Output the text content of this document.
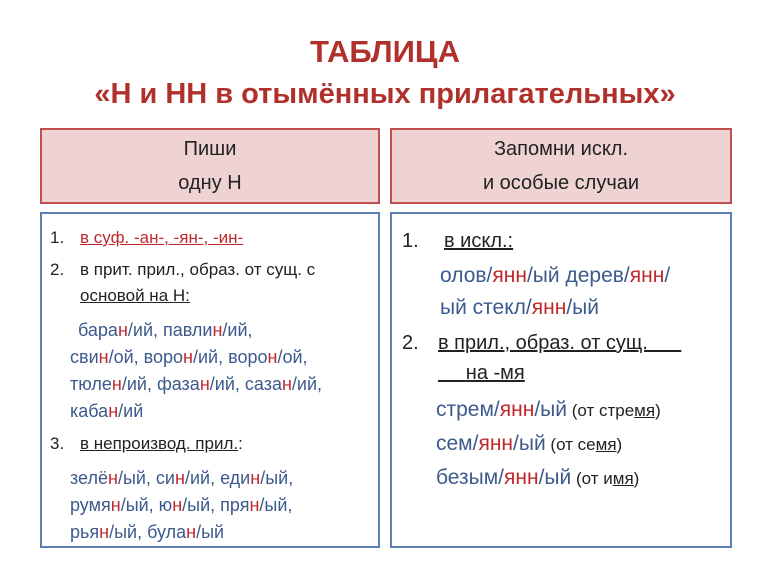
ТАБЛИЦА
«Н и НН в отымённых прилагательных»
Пиши
одну Н
Запомни искл.
и особые случаи
1. в суф. -ан-, -ян-, -ин-
2. в прит. прил., образ. от сущ. с
основой на Н:
баран/ий, павлин/ий,
свин/ой, ворон/ий, ворон/ой,
тюлен/ий, фазан/ий, сазан/ий,
кабан/ий
3. в непроизвод. прил.:
зелён/ый, син/ий, един/ый,
румян/ый, юн/ый, прян/ый,
рьян/ый, булан/ый
1. в искл.:
олов/янн/ый дерев/янн/
ый стекл/янн/ый
2. в прил., образ. от сущ.
на -мя
стрем/янн/ый (от стремя)
сем/янн/ый (от семя)
безым/янн/ый (от имя)
